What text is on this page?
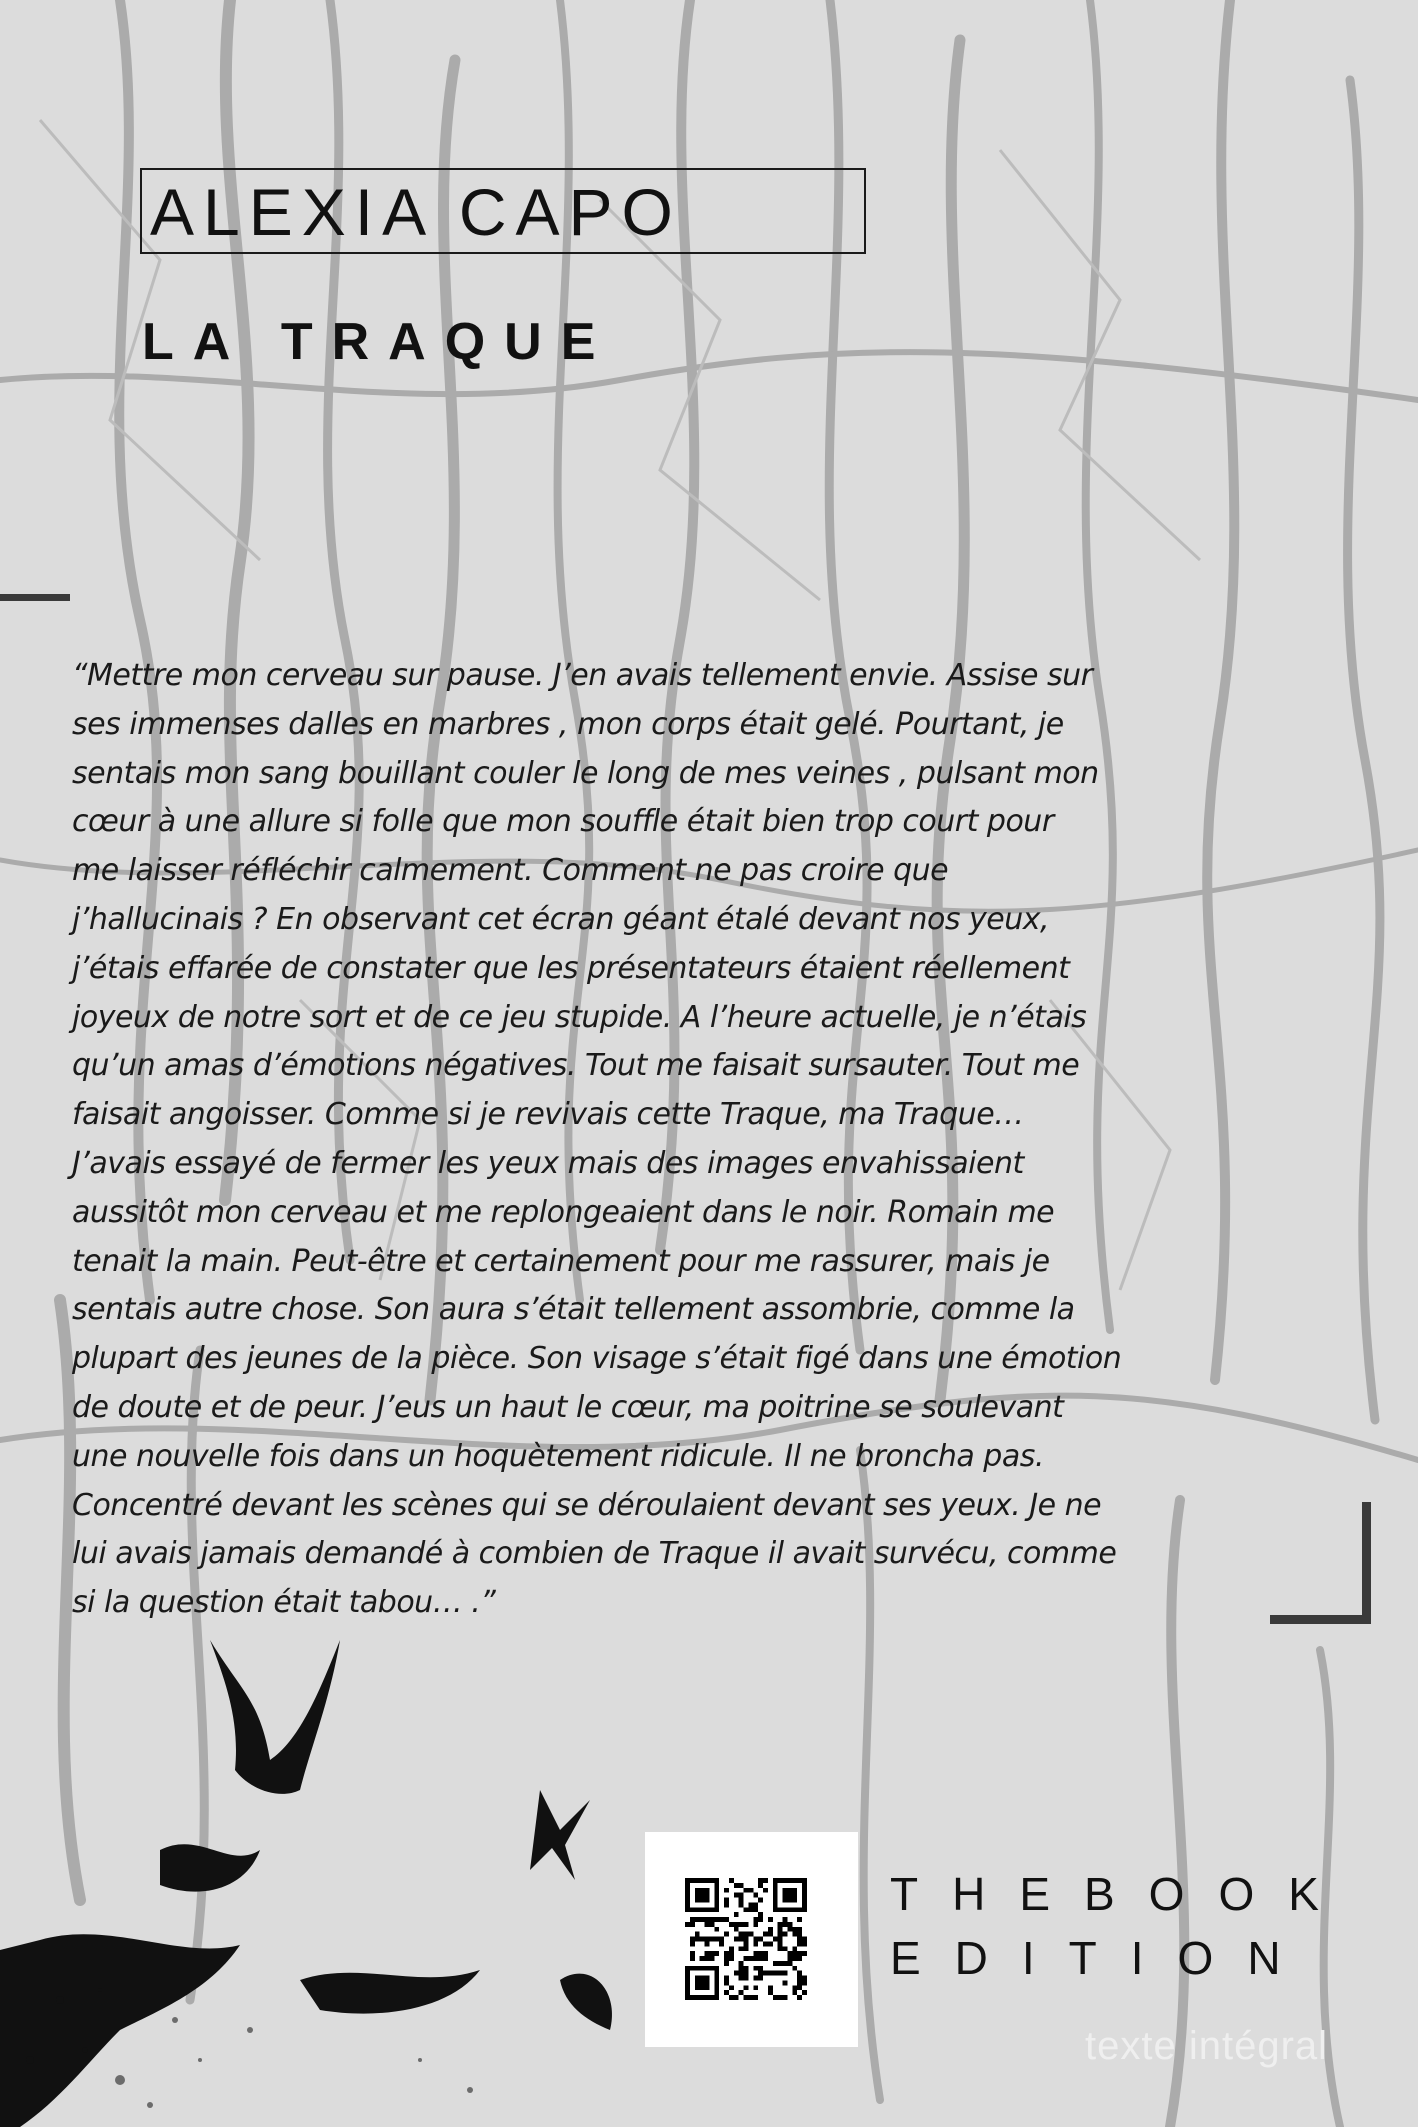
ALEXIA CAPO
LA TRAQUE
“Mettre mon cerveau sur pause. J’en avais tellement envie. Assise sur
ses immenses dalles en marbres , mon corps était gelé. Pourtant, je
sentais mon sang bouillant couler le long de mes veines , pulsant mon
cœur à une allure si folle que mon souffle était bien trop court pour
me laisser réfléchir calmement. Comment ne pas croire que
j’hallucinais ? En observant cet écran géant étalé devant nos yeux,
j’étais effarée de constater que les présentateurs étaient réellement
joyeux de notre sort et de ce jeu stupide. A l’heure actuelle, je n’étais
qu’un amas d’émotions négatives. Tout me faisait sursauter. Tout me
faisait angoisser. Comme si je revivais cette Traque, ma Traque…
J’avais essayé de fermer les yeux mais des images envahissaient
aussitôt mon cerveau et me replongeaient dans le noir. Romain me
tenait la main. Peut-être et certainement pour me rassurer, mais je
sentais autre chose. Son aura s’était tellement assombrie, comme la
plupart des jeunes de la pièce. Son visage s’était figé dans une émotion
de doute et de peur. J’eus un haut le cœur, ma poitrine se soulevant
une nouvelle fois dans un hoquètement ridicule. Il ne broncha pas.
Concentré devant les scènes qui se déroulaient devant ses yeux. Je ne
lui avais jamais demandé à combien de Traque il avait survécu, comme
si la question était tabou… .”
THEBOOK
EDITION
texte intégral
